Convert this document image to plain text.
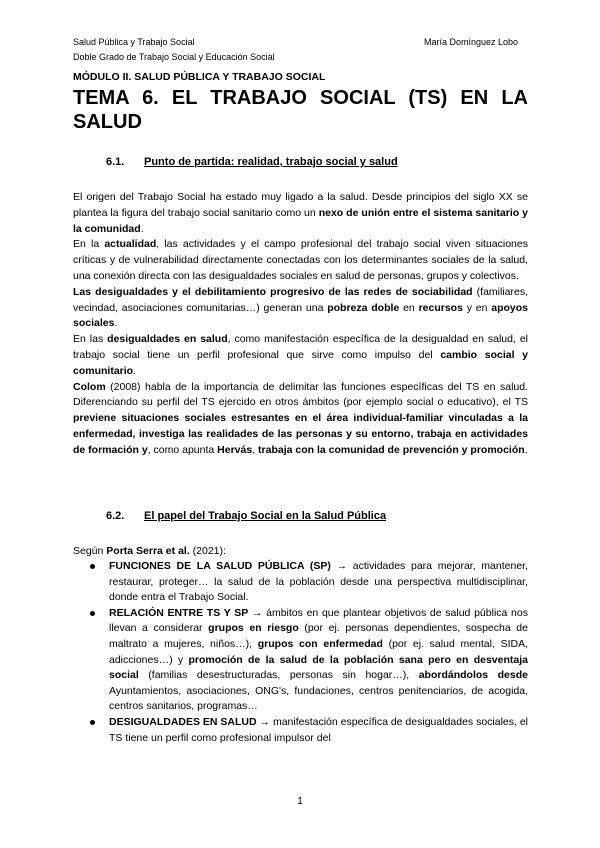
Salud Pública y Trabajo Social
Doble Grado de Trabajo Social y Educación Social
María Domínguez Lobo
MÓDULO II. SALUD PÚBLICA Y TRABAJO SOCIAL
TEMA 6. EL TRABAJO SOCIAL (TS) EN LA SALUD
6.1. Punto de partida: realidad, trabajo social y salud

El origen del Trabajo Social ha estado muy ligado a la salud. Desde principios del siglo XX se plantea la figura del trabajo social sanitario como un nexo de unión entre el sistema sanitario y la comunidad.

En la actualidad, las actividades y el campo profesional del trabajo social viven situaciones críticas y de vulnerabilidad directamente conectadas con los determinantes sociales de la salud, una conexión directa con las desigualdades sociales en salud de personas, grupos y colectivos.

Las desigualdades y el debilitamiento progresivo de las redes de sociabilidad (familiares, vecindad, asociaciones comunitarias…) generan una pobreza doble en recursos y en apoyos sociales.

En las desigualdades en salud, como manifestación específica de la desigualdad en salud, el trabajo social tiene un perfil profesional que sirve como impulso del cambio social y comunitario.

Colom (2008) habla de la importancia de delimitar las funciones específicas del TS en salud. Diferenciando su perfil del TS ejercido en otros ámbitos (por ejemplo social o educativo), el TS previene situaciones sociales estresantes en el área individual-familiar vinculadas a la enfermedad, investiga las realidades de las personas y su entorno, trabaja en actividades de formación y, como apunta Hervás, trabaja con la comunidad de prevención y promoción.

6.2. El papel del Trabajo Social en la Salud Pública
Según Porta Serra et al. (2021):
FUNCIONES DE LA SALUD PÚBLICA (SP) → actividades para mejorar, mantener, restaurar, proteger… la salud de la población desde una perspectiva multidisciplinar, donde entra el Trabajo Social.
RELACIÓN ENTRE TS Y SP → ámbitos en que plantear objetivos de salud pública nos llevan a considerar grupos en riesgo (por ej. personas dependientes, sospecha de maltrato a mujeres, niños…), grupos con enfermedad (por ej. salud mental, SIDA, adicciones…) y promoción de la salud de la población sana pero en desventaja social (familias desestructuradas, personas sin hogar…), abordándolos desde Ayuntamientos, asociaciones, ONG's, fundaciones, centros penitenciarios, de acogida, centros sanitarios, programas…
DESIGUALDADES EN SALUD → manifestación específica de desigualdades sociales, el TS tiene un perfil como profesional impulsor del
1
